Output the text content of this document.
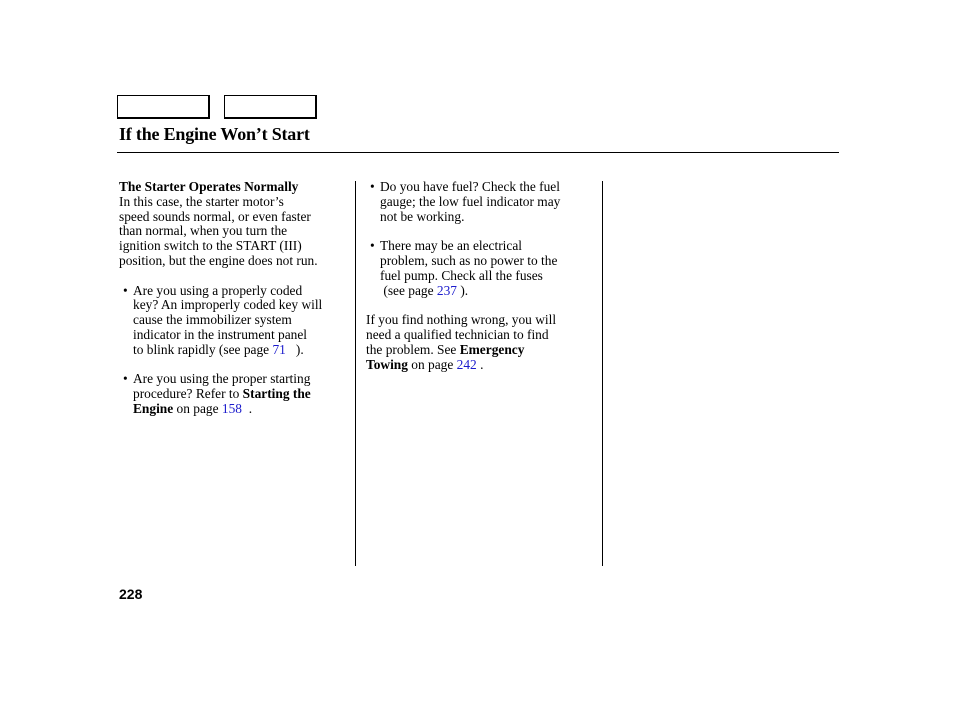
If the Engine Won’t Start
The Starter Operates Normally
In this case, the starter motor’s
speed sounds normal, or even faster
than normal, when you turn the
ignition switch to the START (III)
position, but the engine does not run.
• Are you using a properly coded
key? An improperly coded key will
cause the immobilizer system
indicator in the instrument panel
to blink rapidly (see page 71 ).
• Are you using the proper starting
procedure? Refer to Starting the
Engine on page 158 .
• Do you have fuel? Check the fuel
gauge; the low fuel indicator may
not be working.
• There may be an electrical
problem, such as no power to the
fuel pump. Check all the fuses
(see page 237 ).
If you find nothing wrong, you will
need a qualified technician to find
the problem. See Emergency
Towing on page 242 .
228
